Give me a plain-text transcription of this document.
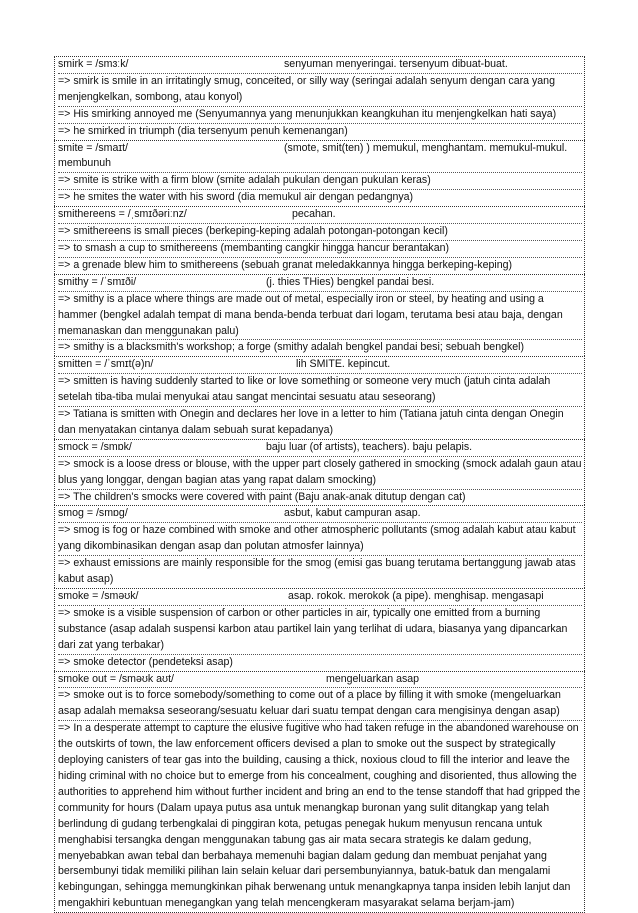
smirk = /smɜːk/	senyuman menyeringai. tersenyum dibuat-buat.
=> smirk is smile in an irritatingly smug, conceited, or silly way (seringai adalah senyum dengan cara yang menjengkelkan, sombong, atau konyol)
=> His smirking annoyed me (Senyumannya yang menunjukkan keangkuhan itu menjengkelkan hati saya)
=> he smirked in triumph (dia tersenyum penuh kemenangan)
smite = /smaɪt/	(smote, smit(ten) ) memukul, menghantam. memukul-mukul. membunuh
=> smite is strike with a firm blow (smite adalah pukulan dengan pukulan keras)
=> he smites the water with his sword (dia memukul air dengan pedangnya)
smithereens = /ˌsmɪðəriːnz/	pecahan.
=> smithereens is small pieces (berkeping-keping adalah potongan-potongan kecil)
=> to smash a cup to smithereens (membanting cangkir hingga hancur berantakan)
=> a grenade blew him to smithereens (sebuah granat meledakkannya hingga berkeping-keping)
smithy = /ˈsmɪði/	(j. thies THies) bengkel pandai besi.
=> smithy is a place where things are made out of metal, especially iron or steel, by heating and using a hammer (bengkel adalah tempat di mana benda-benda terbuat dari logam, terutama besi atau baja, dengan memanaskan dan menggunakan palu)
=> smithy is a blacksmith's workshop; a forge (smithy adalah bengkel pandai besi; sebuah bengkel)
smitten = /ˈsmɪt(ə)n/	lih SMITE. kepincut.
=> smitten is having suddenly started to like or love something or someone very much (jatuh cinta adalah setelah tiba-tiba mulai menyukai atau sangat mencintai sesuatu atau seseorang)
=> Tatiana is smitten with Onegin and declares her love in a letter to him (Tatiana jatuh cinta dengan Onegin dan menyatakan cintanya dalam sebuah surat kepadanya)
smock = /smɒk/	baju luar (of artists), teachers). baju pelapis.
=> smock is a loose dress or blouse, with the upper part closely gathered in smocking (smock adalah gaun atau blus yang longgar, dengan bagian atas yang rapat dalam smocking)
=> The children's smocks were covered with paint (Baju anak-anak ditutup dengan cat)
smog = /smɒɡ/	asbut, kabut campuran asap.
=> smog is fog or haze combined with smoke and other atmospheric pollutants (smog adalah kabut atau kabut yang dikombinasikan dengan asap dan polutan atmosfer lainnya)
=> exhaust emissions are mainly responsible for the smog (emisi gas buang terutama bertanggung jawab atas kabut asap)
smoke = /sməʊk/	asap. rokok. merokok (a pipe). menghisap. mengasapi
=> smoke is a visible suspension of carbon or other particles in air, typically one emitted from a burning substance (asap adalah suspensi karbon atau partikel lain yang terlihat di udara, biasanya yang dipancarkan dari zat yang terbakar)
=> smoke detector (pendeteksi asap)
smoke out = /sməʊk aʊt/	mengeluarkan asap
=> smoke out is to force somebody/something to come out of a place by filling it with smoke (mengeluarkan asap adalah memaksa seseorang/sesuatu keluar dari suatu tempat dengan cara mengisinya dengan asap)
=> In a desperate attempt to capture the elusive fugitive who had taken refuge in the abandoned warehouse on the outskirts of town, the law enforcement officers devised a plan to smoke out the suspect by strategically deploying canisters of tear gas into the building, causing a thick, noxious cloud to fill the interior and leave the hiding criminal with no choice but to emerge from his concealment, coughing and disoriented, thus allowing the authorities to apprehend him without further incident and bring an end to the tense standoff that had gripped the community for hours (Dalam upaya putus asa untuk menangkap buronan yang sulit ditangkap yang telah berlindung di gudang terbengkalai di pinggiran kota, petugas penegak hukum menyusun rencana untuk menghabisi tersangka dengan menggunakan tabung gas air mata secara strategis ke dalam gedung, menyebabkan awan tebal dan berbahaya memenuhi bagian dalam gedung dan membuat penjahat yang bersembunyi tidak memiliki pilihan lain selain keluar dari persembunyiannya, batuk-batuk dan mengalami kebingungan, sehingga memungkinkan pihak berwenang untuk menangkapnya tanpa insiden lebih lanjut dan mengakhiri kebuntuan menegangkan yang telah mencengkeram masyarakat selama berjam-jam)
